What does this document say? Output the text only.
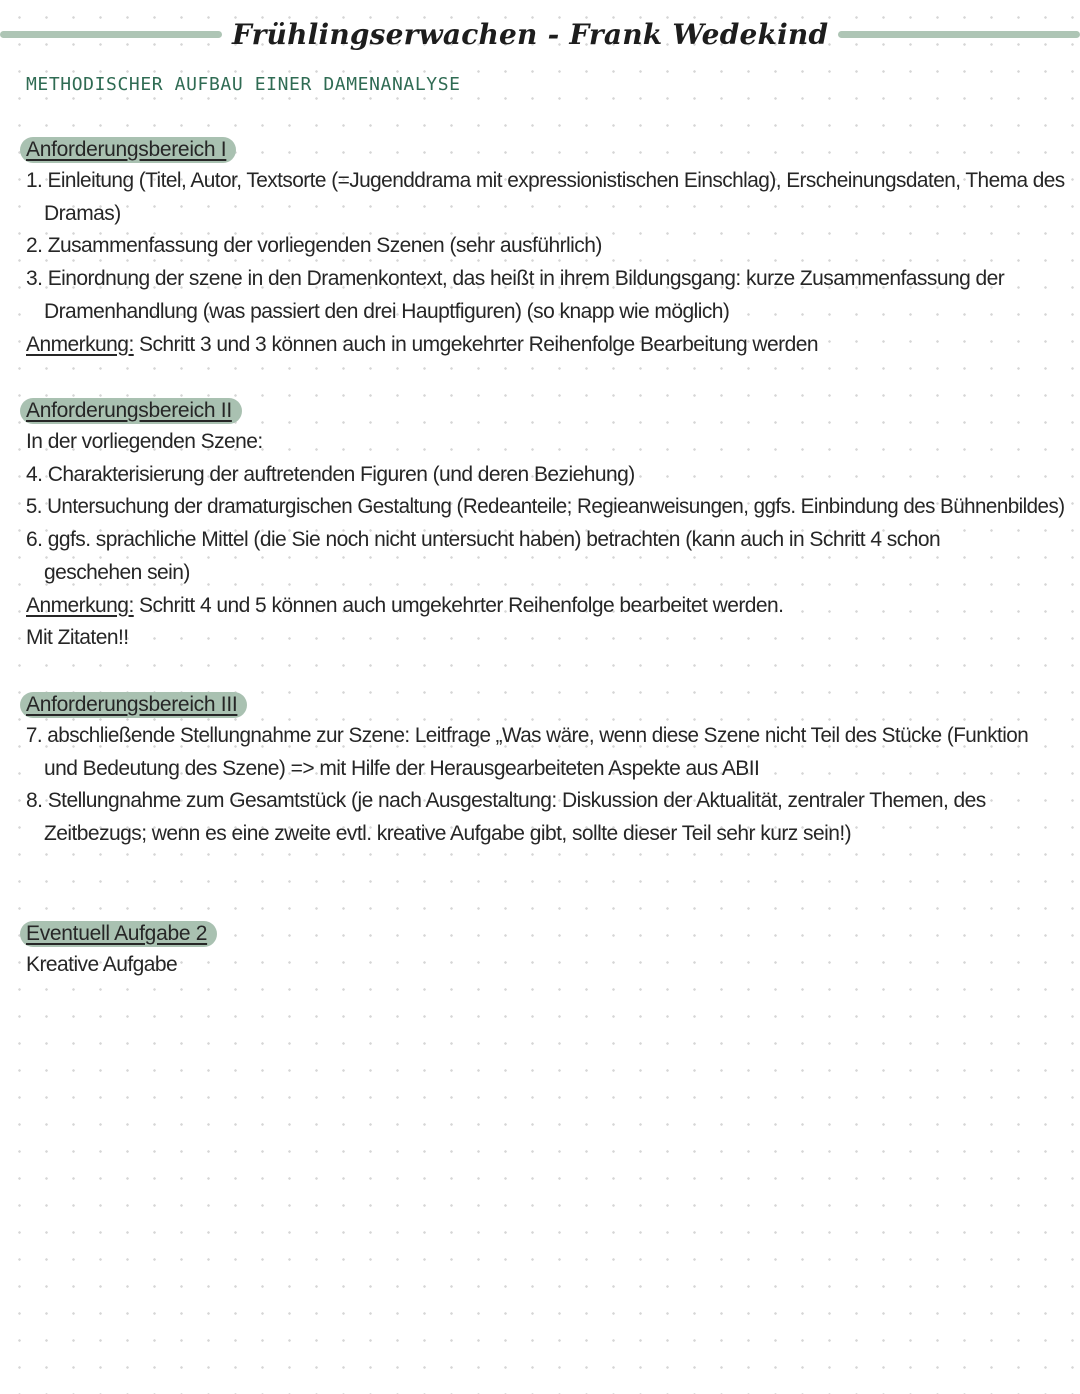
Frühlingserwachen - Frank Wedekind
METHODISCHER AUFBAU EINER DAMENANALYSE
Anforderungsbereich I
1. Einleitung (Titel, Autor, Textsorte (=Jugenddrama mit expressionistischen Einschlag), Erscheinungsdaten, Thema des
Dramas)
2. Zusammenfassung der vorliegenden Szenen (sehr ausführlich)
3. Einordnung der szene in den Dramenkontext, das heißt in ihrem Bildungsgang: kurze Zusammenfassung der
Dramenhandlung (was passiert den drei Hauptfiguren) (so knapp wie möglich)
Anmerkung: Schritt 3 und 3 können auch in umgekehrter Reihenfolge Bearbeitung werden
Anforderungsbereich II
In der vorliegenden Szene:
4. Charakterisierung der auftretenden Figuren (und deren Beziehung)
5. Untersuchung der dramaturgischen Gestaltung (Redeanteile; Regieanweisungen, ggfs. Einbindung des Bühnenbildes)
6. ggfs. sprachliche Mittel (die Sie noch nicht untersucht haben) betrachten (kann auch in Schritt 4 schon
geschehen sein)
Anmerkung: Schritt 4 und 5 können auch umgekehrter Reihenfolge bearbeitet werden.
Mit Zitaten!!
Anforderungsbereich III
7. abschließende Stellungnahme zur Szene: Leitfrage „Was wäre, wenn diese Szene nicht Teil des Stücke (Funktion
und Bedeutung des Szene) => mit Hilfe der Herausgearbeiteten Aspekte aus ABII
8. Stellungnahme zum Gesamtstück (je nach Ausgestaltung: Diskussion der Aktualität, zentraler Themen, des
Zeitbezugs; wenn es eine zweite evtl. kreative Aufgabe gibt, sollte dieser Teil sehr kurz sein!)
Eventuell Aufgabe 2
Kreative Aufgabe
